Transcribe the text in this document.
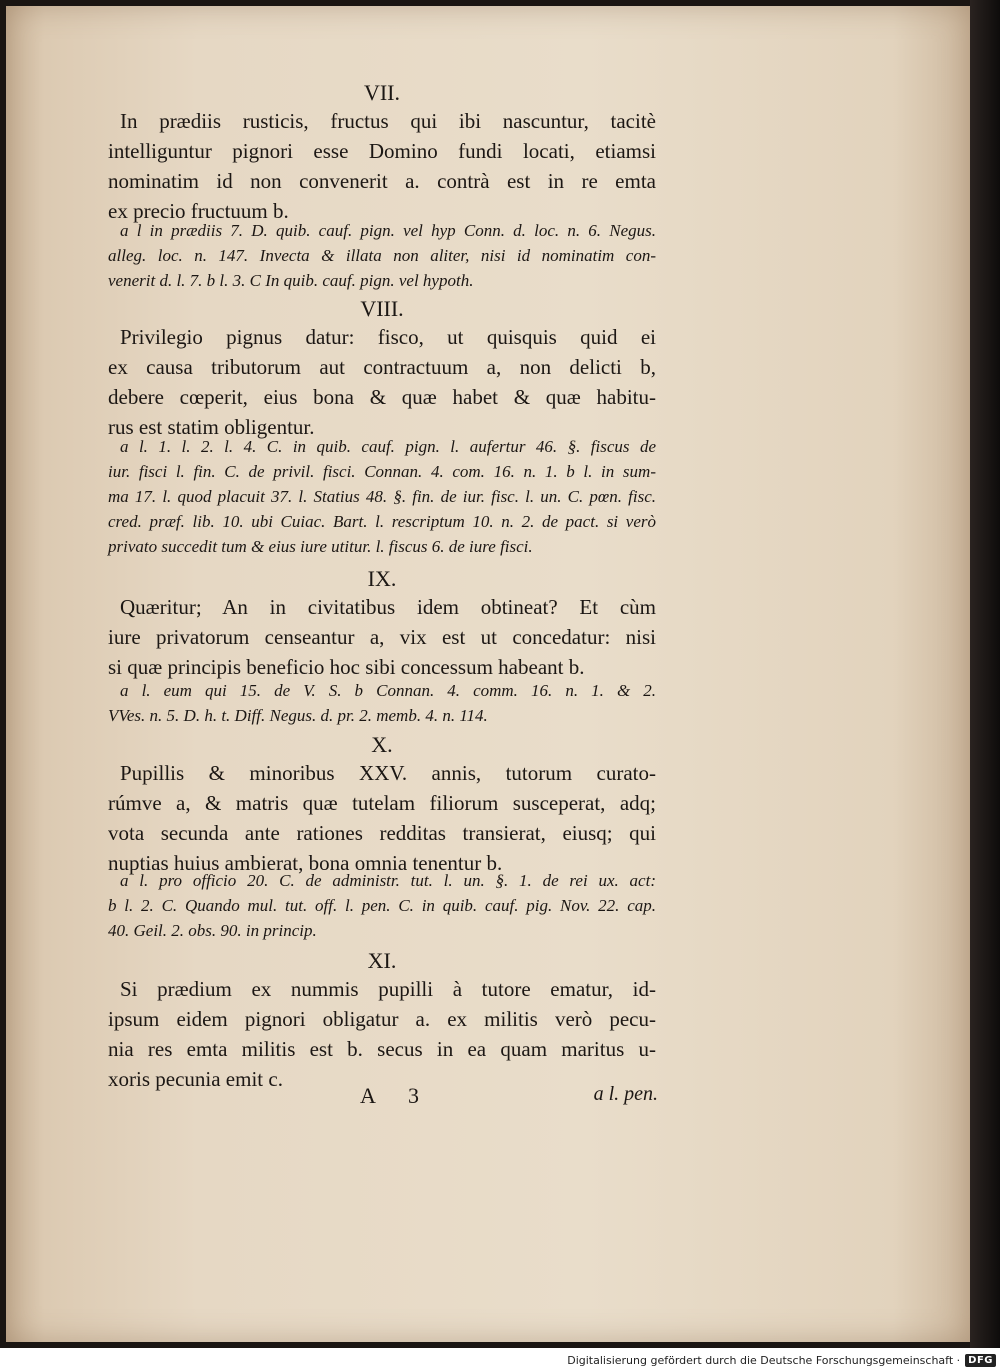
VII.
In prædiis rusticis, fructus qui ibi nascuntur, tacitè
intelliguntur pignori esse Domino fundi locati, etiamsi
nominatim id non convenerit a. contrà est in re emta
ex precio fructuum b.
a l in prædiis 7. D. quib. cauf. pign. vel hyp Conn. d. loc. n. 6. Negus.
alleg. loc. n. 147. Invecta & illata non aliter, nisi id nominatim con-
venerit d. l. 7. b l. 3. C In quib. cauf. pign. vel hypoth.
VIII.
Privilegio pignus datur: fisco, ut quisquis quid ei
ex causa tributorum aut contractuum a, non delicti b,
debere cœperit, eius bona & quæ habet & quæ habitu-
rus est statim obligentur.
a l. 1. l. 2. l. 4. C. in quib. cauf. pign. l. aufertur 46. §. fiscus de
iur. fisci l. fin. C. de privil. fisci. Connan. 4. com. 16. n. 1. b l. in sum-
ma 17. l. quod placuit 37. l. Statius 48. §. fin. de iur. fisc. l. un. C. pœn. fisc.
cred. præf. lib. 10. ubi Cuiac. Bart. l. rescriptum 10. n. 2. de pact. si verò
privato succedit tum & eius iure utitur. l. fiscus 6. de iure fisci.
IX.
Quæritur; An in civitatibus idem obtineat? Et cùm
iure privatorum censeantur a, vix est ut concedatur: nisi
si quæ principis beneficio hoc sibi concessum habeant b.
a l. eum qui 15. de V. S. b Connan. 4. comm. 16. n. 1. & 2.
VVes. n. 5. D. h. t. Diff. Negus. d. pr. 2. memb. 4. n. 114.
X.
Pupillis & minoribus XXV. annis, tutorum curato-
rúmve a, & matris quæ tutelam filiorum susceperat, adq;
vota secunda ante rationes redditas transierat, eiusq; qui
nuptias huius ambierat, bona omnia tenentur b.
a l. pro officio 20. C. de administr. tut. l. un. §. 1. de rei ux. act:
b l. 2. C. Quando mul. tut. off. l. pen. C. in quib. cauf. pig. Nov. 22. cap.
40. Geil. 2. obs. 90. in princip.
XI.
Si prædium ex nummis pupilli à tutore ematur, id-
ipsum eidem pignori obligatur a. ex militis verò pecu-
nia res emta militis est b. secus in ea quam maritus u-
xoris pecunia emit c.
A 3	a l. pen.
Digitalisierung gefördert durch die Deutsche Forschungsgemeinschaft · DFG
